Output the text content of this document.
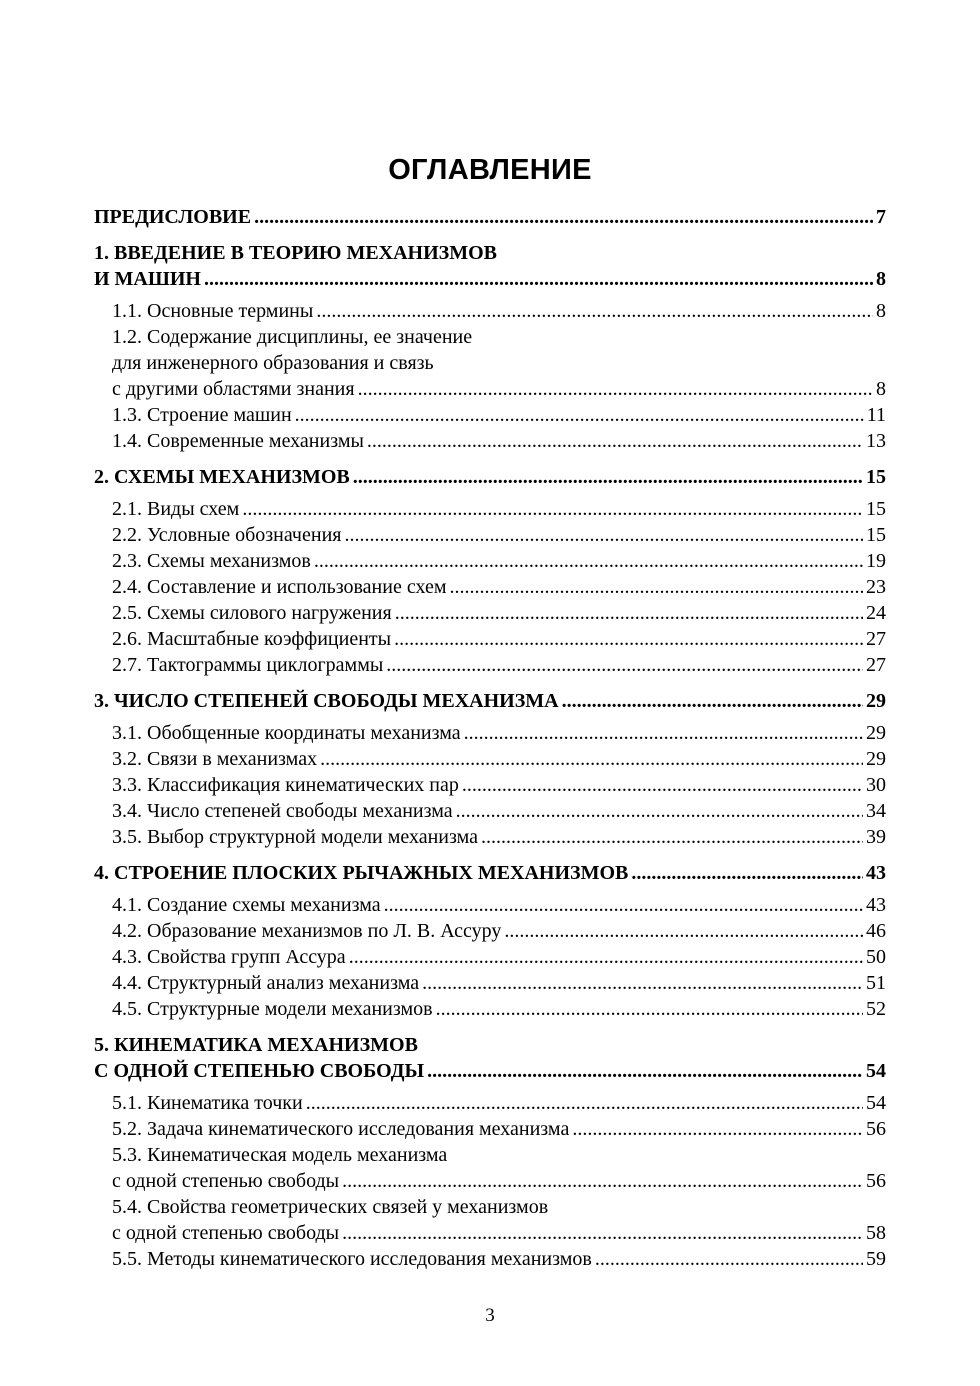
ОГЛАВЛЕНИЕ
ПРЕДИСЛОВИЕ .....	7
1. ВВЕДЕНИЕ В ТЕОРИЮ МЕХАНИЗМОВ
И МАШИН .....	8
1.1. Основные термины .....	8
1.2. Содержание дисциплины, ее значение
для инженерного образования и связь
с другими областями знания .....	8
1.3. Строение машин .....	11
1.4. Современные механизмы .....	13
2. СХЕМЫ МЕХАНИЗМОВ .....	15
2.1. Виды схем .....	15
2.2. Условные обозначения .....	15
2.3. Схемы механизмов .....	19
2.4. Составление и использование схем .....	23
2.5. Схемы силового нагружения .....	24
2.6. Масштабные коэффициенты .....	27
2.7. Тактограммы циклограммы .....	27
3. ЧИСЛО СТЕПЕНЕЙ СВОБОДЫ МЕХАНИЗМА .....	29
3.1. Обобщенные координаты механизма .....	29
3.2. Связи в механизмах .....	29
3.3. Классификация кинематических пар .....	30
3.4. Число степеней свободы механизма .....	34
3.5. Выбор структурной модели механизма .....	39
4. СТРОЕНИЕ ПЛОСКИХ РЫЧАЖНЫХ МЕХАНИЗМОВ .....	43
4.1. Создание схемы механизма .....	43
4.2. Образование механизмов по Л. В. Ассуру .....	46
4.3. Свойства групп Ассура .....	50
4.4. Структурный анализ механизма .....	51
4.5. Структурные модели механизмов .....	52
5. КИНЕМАТИКА МЕХАНИЗМОВ
С ОДНОЙ СТЕПЕНЬЮ СВОБОДЫ .....	54
5.1. Кинематика точки .....	54
5.2. Задача кинематического исследования механизма .....	56
5.3. Кинематическая модель механизма
с одной степенью свободы .....	56
5.4. Свойства геометрических связей у механизмов
с одной степенью свободы .....	58
5.5. Методы кинематического исследования механизмов .....	59
3
